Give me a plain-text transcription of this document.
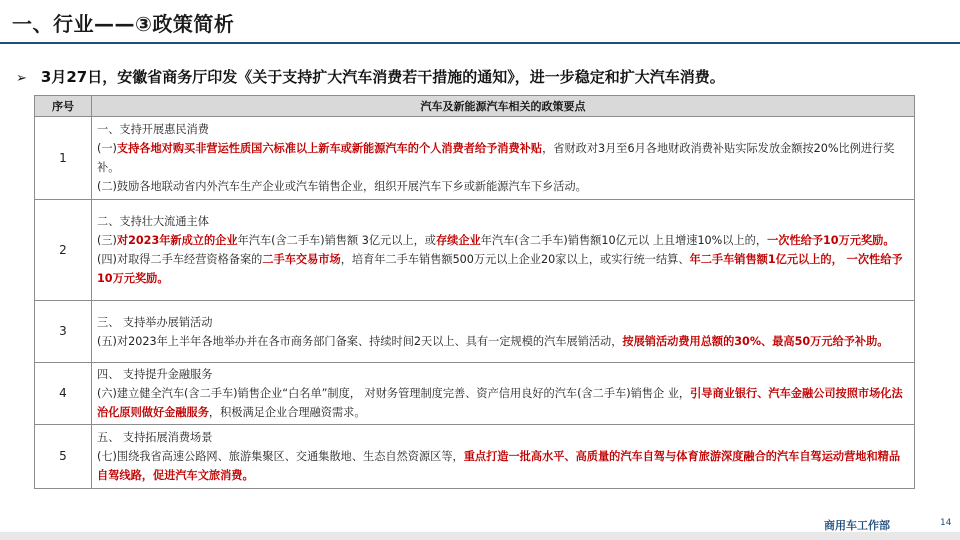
一、行业——③政策简析
➢ 3月27日，安徽省商务厅印发《关于支持扩大汽车消费若干措施的通知》，进一步稳定和扩大汽车消费。
序号	汽车及新能源汽车相关的政策要点
1	一、支持开展惠民消费
(一)支持各地对购买非营运性质国六标准以上新车或新能源汽车的个人消费者给予消费补贴，省财政对3月至6月各地财政消费补贴实际发放金额按20%比例进行奖补。
(二)鼓励各地联动省内外汽车生产企业或汽车销售企业，组织开展汽车下乡或新能源汽车下乡活动。

2	二、支持壮大流通主体
(三)对2023年新成立的企业年汽车(含二手车)销售额 3亿元以上，或存续企业年汽车(含二手车)销售额10亿元以 上且增速10%以上的，一次性给予10万元奖励。
(四)对取得二手车经营资格备案的二手车交易市场，培育年二手车销售额500万元以上企业20家以上，或实行统一结算、年二手车销售额1亿元以上的， 一次性给予10万元奖励。

3	三、 支持举办展销活动
(五)对2023年上半年各地举办并在各市商务部门备案、持续时间2天以上、具有一定规模的汽车展销活动，按展销活动费用总额的30%、最高50万元给予补助。

4	四、 支持提升金融服务
(六)建立健全汽车(含二手车)销售企业“白名单”制度， 对财务管理制度完善、资产信用良好的汽车(含二手车)销售企 业，引导商业银行、汽车金融公司按照市场化法治化原则做好金融服务，积极满足企业合理融资需求。

5	五、 支持拓展消费场景
(七)围绕我省高速公路网、旅游集聚区、交通集散地、生态自然资源区等，重点打造一批高水平、高质量的汽车自驾与体育旅游深度融合的汽车自驾运动营地和精品自驾线路，促进汽车文旅消费。
商用车工作部	14
